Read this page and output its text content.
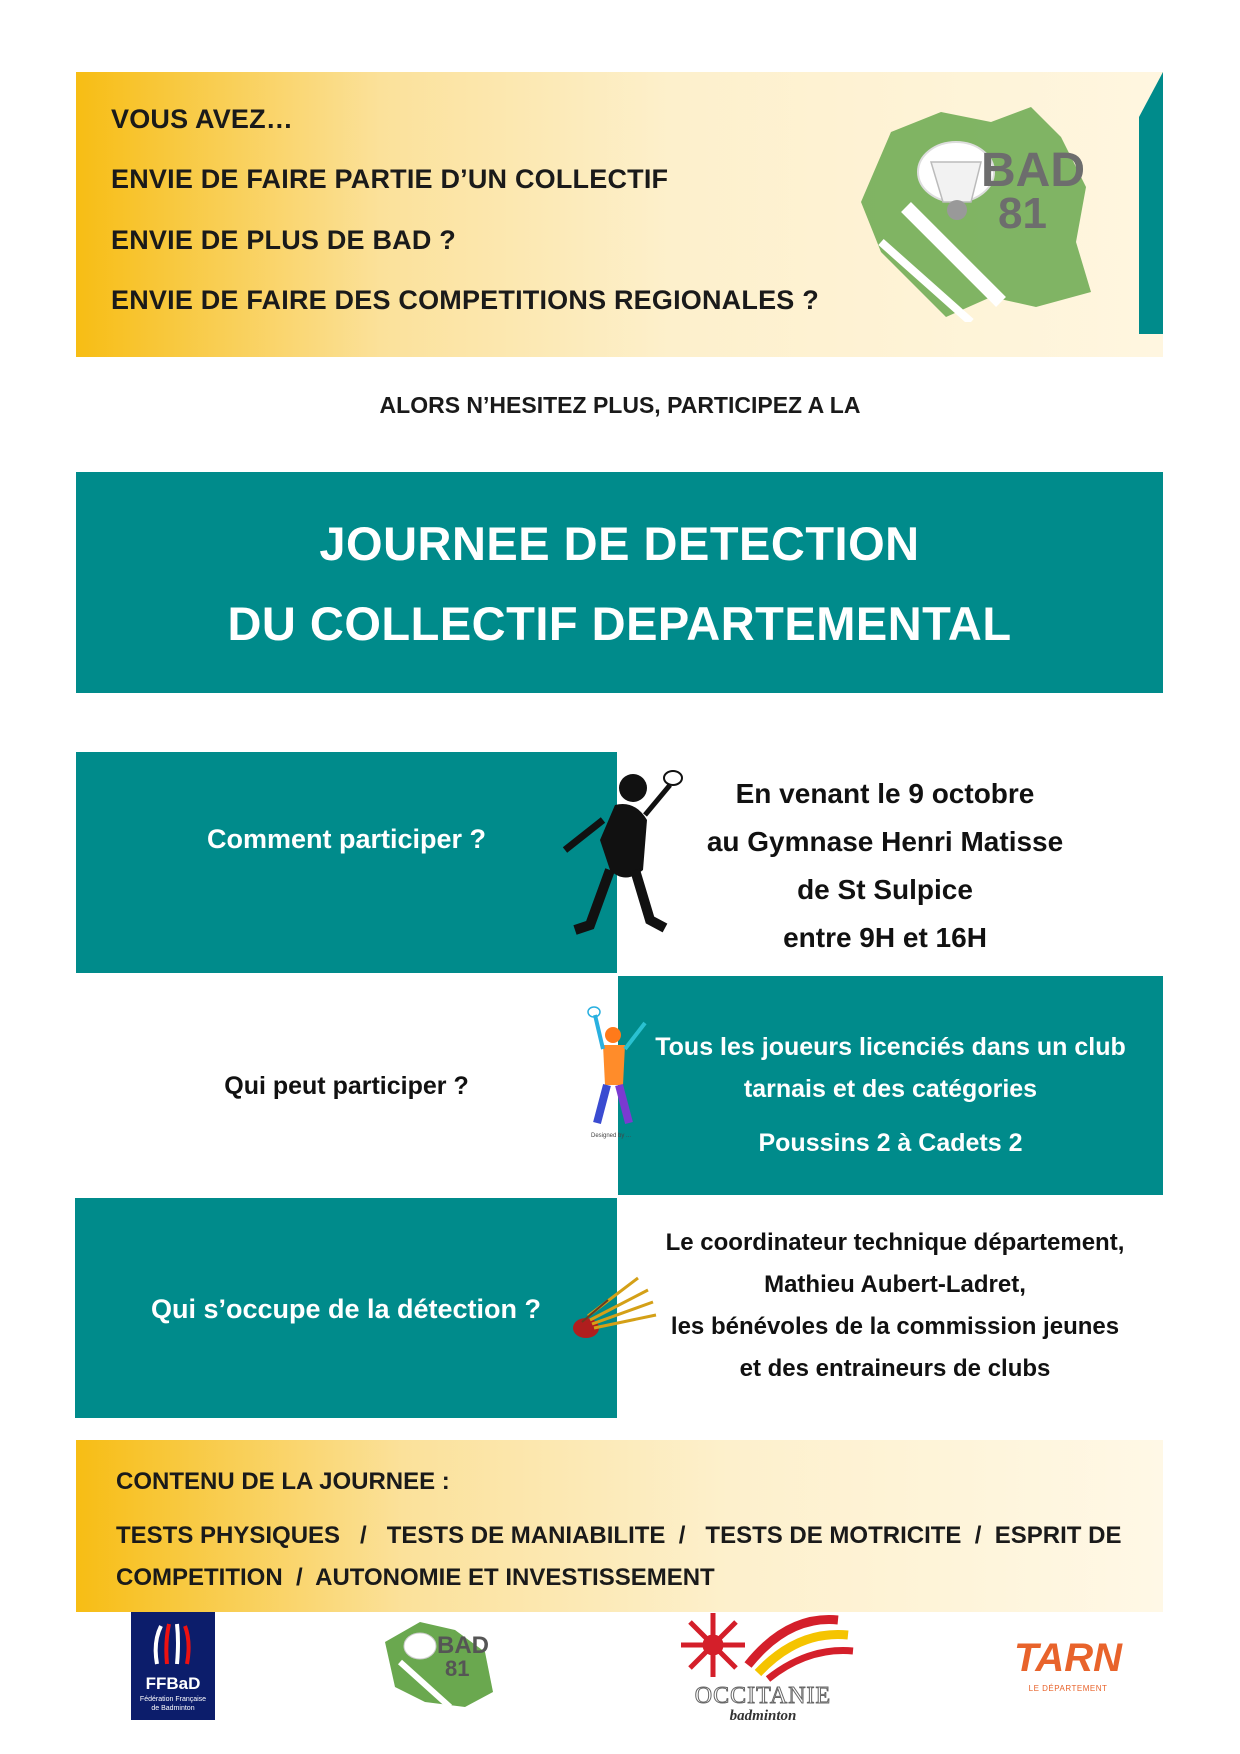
VOUS AVEZ…
ENVIE DE FAIRE PARTIE D’UN COLLECTIF
ENVIE DE PLUS DE BAD ?
ENVIE DE FAIRE DES COMPETITIONS REGIONALES ?
BAD
81
ALORS N’HESITEZ PLUS, PARTICIPEZ A LA
JOURNEE DE DETECTION
DU COLLECTIF DEPARTEMENTAL
Comment participer ?
En venant le 9 octobre
au Gymnase Henri Matisse
de St Sulpice
entre 9H et 16H
Qui peut participer ?
Tous les joueurs licenciés dans un club
tarnais et des catégories
Poussins 2 à Cadets 2
Designed by ...
Qui s’occupe de la détection ?
Le coordinateur technique département,
Mathieu Aubert-Ladret,
les bénévoles de la commission jeunes
et des entraineurs de clubs
CONTENU DE LA JOURNEE :
TESTS PHYSIQUES   /   TESTS DE MANIABILITE  /   TESTS DE MOTRICITE  /  ESPRIT DE
COMPETITION  /  AUTONOMIE ET INVESTISSEMENT
FFBaD
Fédération Française
de Badminton
BAD
81
OCCITANIE
badminton
TARN
LE DÉPARTEMENT
